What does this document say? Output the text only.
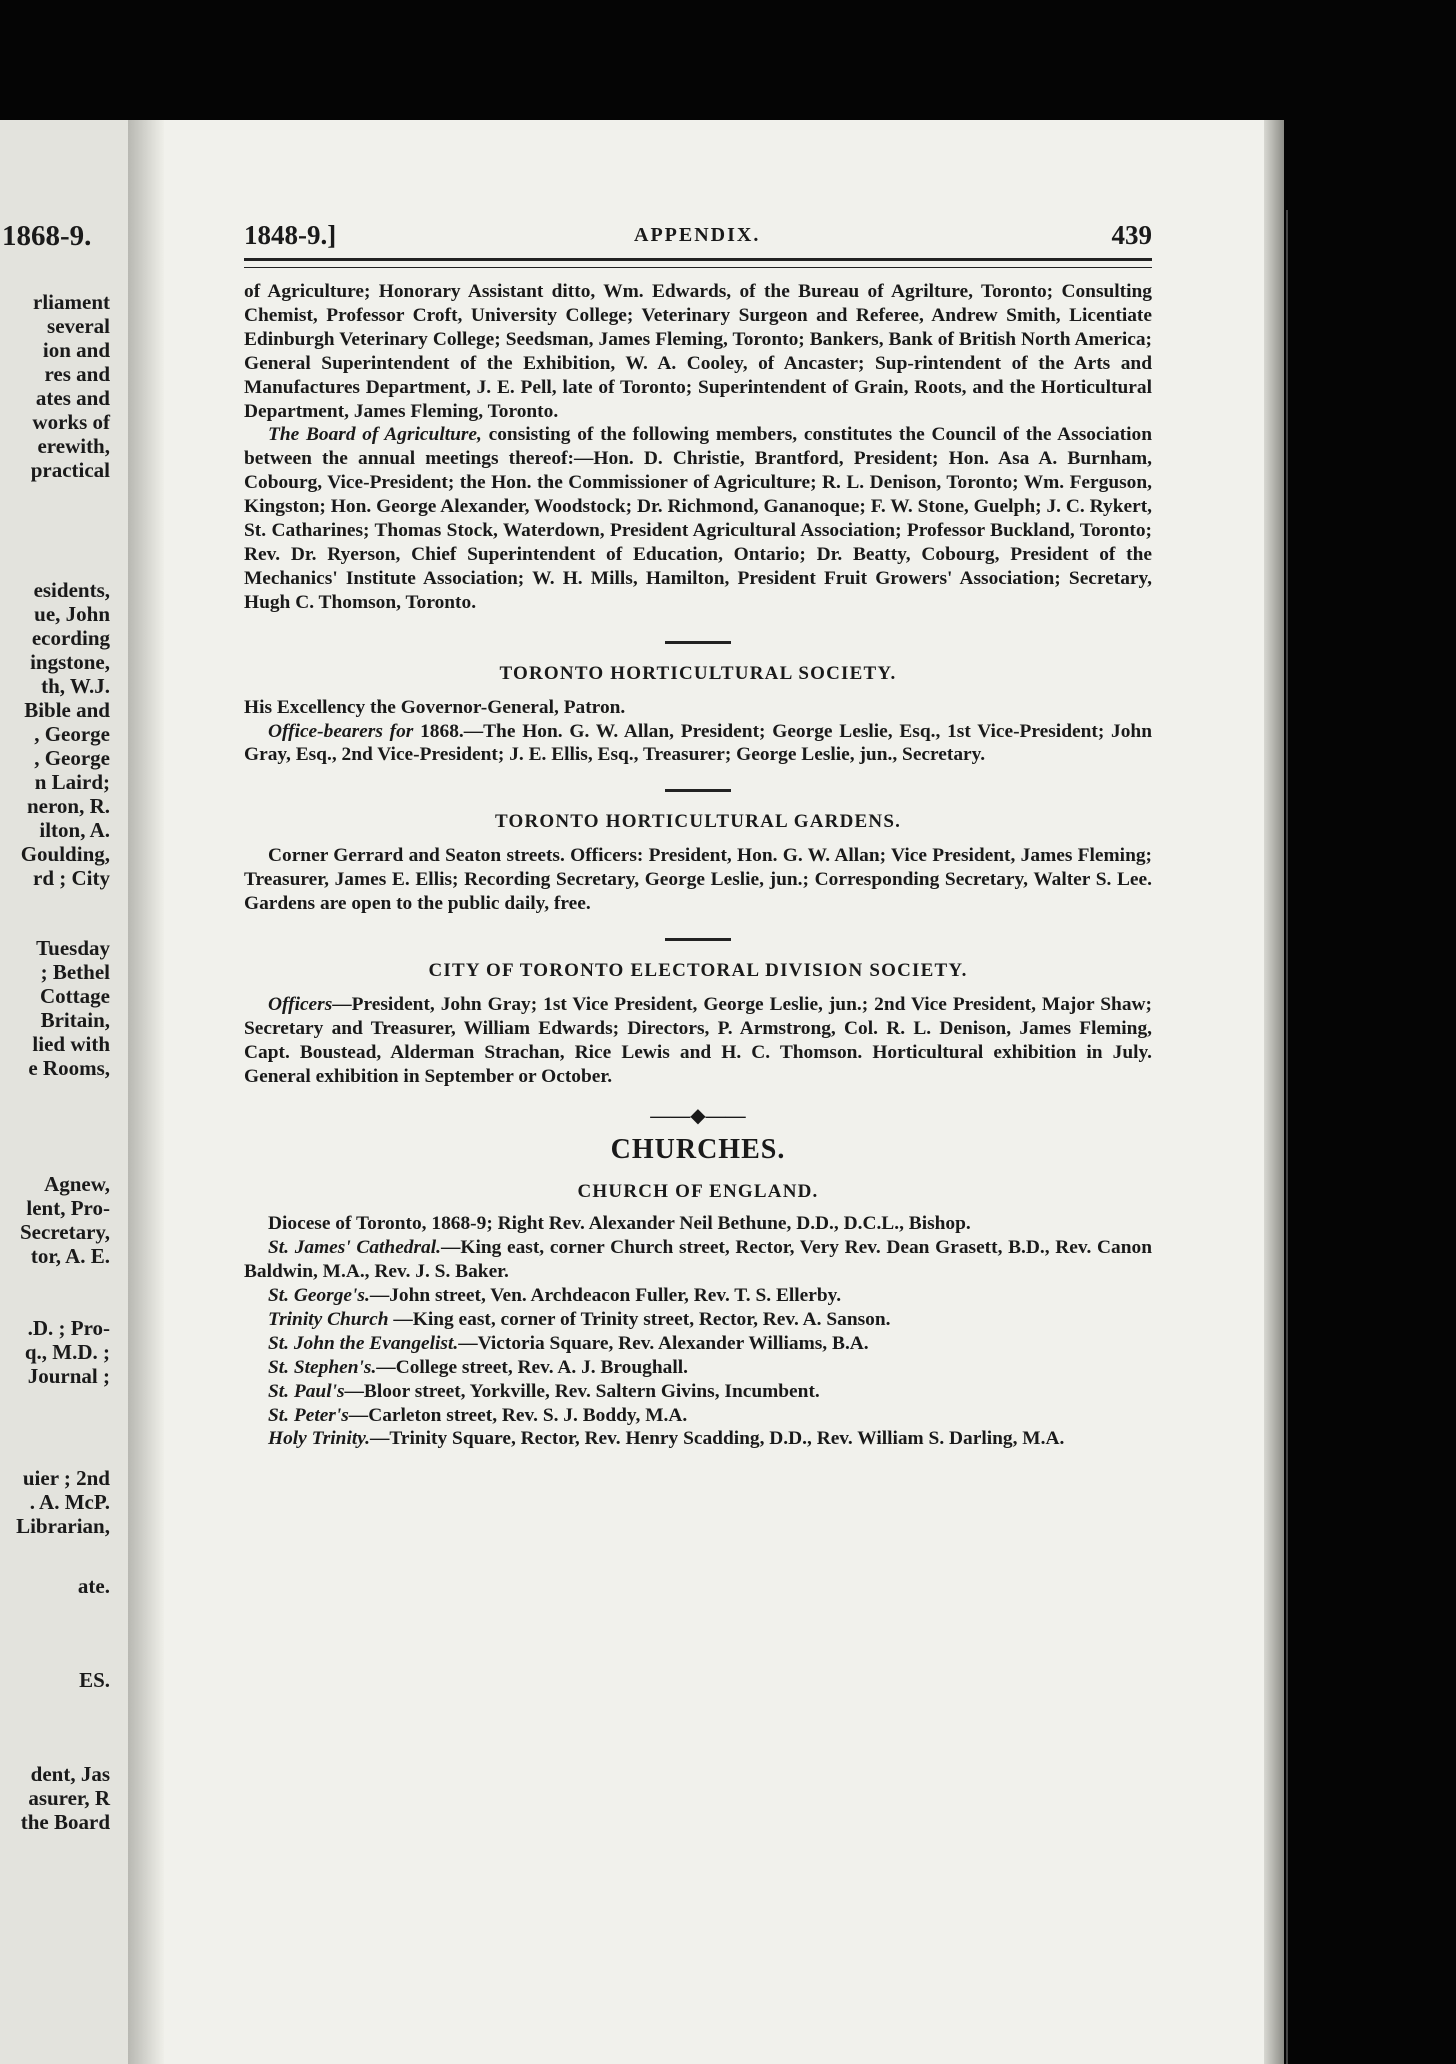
1868-9.
rliament
several
ion and
res and
ates and
works of
erewith,
practical
esidents,
ue, John
ecording
ingstone,
th, W.J.
Bible and
, George
, George
n Laird;
neron, R.
ilton, A.
Goulding,
rd ; City
Tuesday
; Bethel
Cottage
Britain,
lied with
e Rooms,
Agnew,
lent, Pro-
Secretary,
tor, A. E.
.D. ; Pro-
q., M.D. ;
Journal ;
uier ; 2nd
. A. McP.
Librarian,
ate.
ES.
dent, Jas
asurer, R
the Board
1848-9.]	APPENDIX.	439

of Agriculture; Honorary Assistant ditto, Wm. Edwards, of the Bureau of Agrilture, Toronto; Consulting Chemist, Professor Croft, University College; Veterinary Surgeon and Referee, Andrew Smith, Licentiate Edinburgh Veterinary College; Seedsman, James Fleming, Toronto; Bankers, Bank of British North America; General Superintendent of the Exhibition, W. A. Cooley, of Ancaster; Sup-rintendent of the Arts and Manufactures Department, J. E. Pell, late of Toronto; Superintendent of Grain, Roots, and the Horticultural Department, James Fleming, Toronto.

The Board of Agriculture, consisting of the following members, constitutes the Council of the Association between the annual meetings thereof:—Hon. D. Christie, Brantford, President; Hon. Asa A. Burnham, Cobourg, Vice-President; the Hon. the Commissioner of Agriculture; R. L. Denison, Toronto; Wm. Ferguson, Kingston; Hon. George Alexander, Woodstock; Dr. Richmond, Gananoque; F. W. Stone, Guelph; J. C. Rykert, St. Catharines; Thomas Stock, Waterdown, President Agricultural Association; Professor Buckland, Toronto; Rev. Dr. Ryerson, Chief Superintendent of Education, Ontario; Dr. Beatty, Cobourg, President of the Mechanics' Institute Association; W. H. Mills, Hamilton, President Fruit Growers' Association; Secretary, Hugh C. Thomson, Toronto.

TORONTO HORTICULTURAL SOCIETY.

His Excellency the Governor-General, Patron.

Office-bearers for 1868.—The Hon. G. W. Allan, President; George Leslie, Esq., 1st Vice-President; John Gray, Esq., 2nd Vice-President; J. E. Ellis, Esq., Treasurer; George Leslie, jun., Secretary.

TORONTO HORTICULTURAL GARDENS.

Corner Gerrard and Seaton streets. Officers: President, Hon. G. W. Allan; Vice President, James Fleming; Treasurer, James E. Ellis; Recording Secretary, George Leslie, jun.; Corresponding Secretary, Walter S. Lee. Gardens are open to the public daily, free.

CITY OF TORONTO ELECTORAL DIVISION SOCIETY.

Officers—President, John Gray; 1st Vice President, George Leslie, jun.; 2nd Vice President, Major Shaw; Secretary and Treasurer, William Edwards; Directors, P. Armstrong, Col. R. L. Denison, James Fleming, Capt. Boustead, Alderman Strachan, Rice Lewis and H. C. Thomson. Horticultural exhibition in July. General exhibition in September or October.

——◆——

CHURCHES.

CHURCH OF ENGLAND.

Diocese of Toronto, 1868-9; Right Rev. Alexander Neil Bethune, D.D., D.C.L., Bishop.

St. James' Cathedral.—King east, corner Church street, Rector, Very Rev. Dean Grasett, B.D., Rev. Canon Baldwin, M.A., Rev. J. S. Baker.

St. George's.—John street, Ven. Archdeacon Fuller, Rev. T. S. Ellerby.

Trinity Church —King east, corner of Trinity street, Rector, Rev. A. Sanson.

St. John the Evangelist.—Victoria Square, Rev. Alexander Williams, B.A.

St. Stephen's.—College street, Rev. A. J. Broughall.

St. Paul's—Bloor street, Yorkville, Rev. Saltern Givins, Incumbent.

St. Peter's—Carleton street, Rev. S. J. Boddy, M.A.

Holy Trinity.—Trinity Square, Rector, Rev. Henry Scadding, D.D., Rev. William S. Darling, M.A.
